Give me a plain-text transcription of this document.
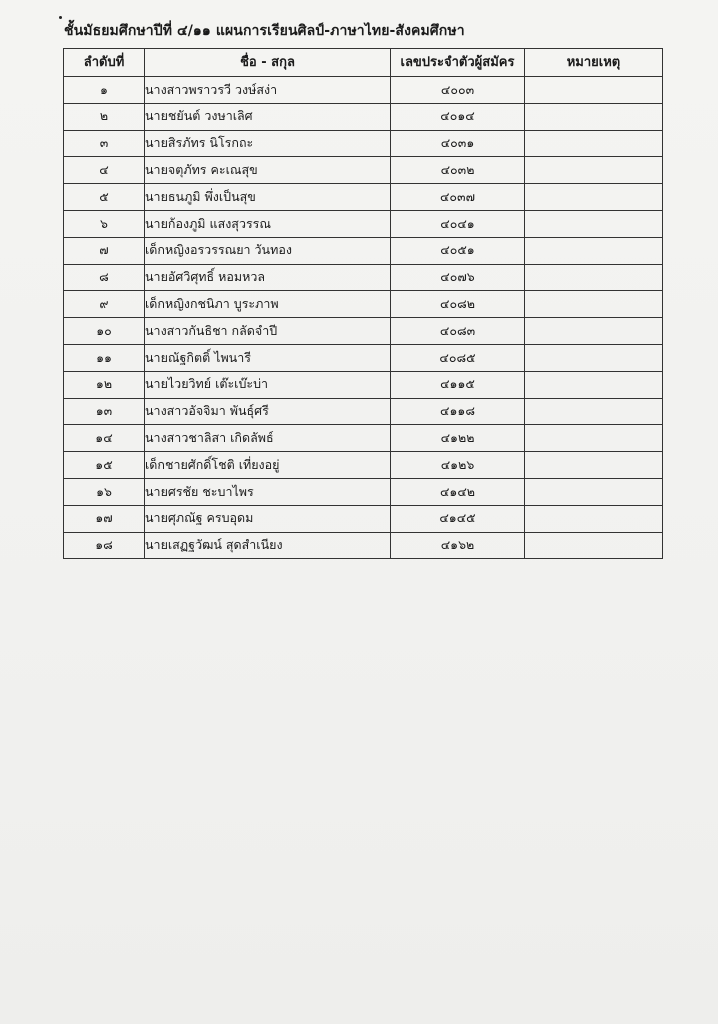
ชั้นมัธยมศึกษาปีที่ ๔/๑๑ แผนการเรียนศิลป์-ภาษาไทย-สังคมศึกษา
ลำดับที่	ชื่อ - สกุล	เลขประจำตัวผู้สมัคร	หมายเหตุ
๑	นางสาวพราวรวี วงษ์สง่า	๔๐๐๓	
๒	นายชยันต์ วงษาเลิศ	๔๐๑๔	
๓	นายสิรภัทร นิโรกถะ	๔๐๓๑	
๔	นายจตุภัทร คะเณสุข	๔๐๓๒	
๕	นายธนภูมิ พึ่งเป็นสุข	๔๐๓๗	
๖	นายก้องภูมิ แสงสุวรรณ	๔๐๔๑	
๗	เด็กหญิงอรวรรณยา วันทอง	๔๐๕๑	
๘	นายอัศวิศุทธิ์ หอมหวล	๔๐๗๖	
๙	เด็กหญิงกชนิภา บูระภาพ	๔๐๘๒	
๑๐	นางสาวกันธิชา กลัดจำปี	๔๐๘๓	
๑๑	นายณัฐกิตติ์ ไพนารี	๔๐๘๕	
๑๒	นายไวยวิทย์ เต๊ะเบ๊ะบ่า	๔๑๑๕	
๑๓	นางสาวอัจจิมา พันธุ์ศรี	๔๑๑๘	
๑๔	นางสาวชาลิสา เกิดลัพธ์	๔๑๒๒	
๑๕	เด็กชายศักดิ์โชติ เที่ยงอยู่	๔๑๒๖	
๑๖	นายศรชัย ชะบาไพร	๔๑๔๒	
๑๗	นายศุภณัฐ ครบอุดม	๔๑๔๕	
๑๘	นายเสฏฐวัฒน์ สุดสำเนียง	๔๑๖๒	
